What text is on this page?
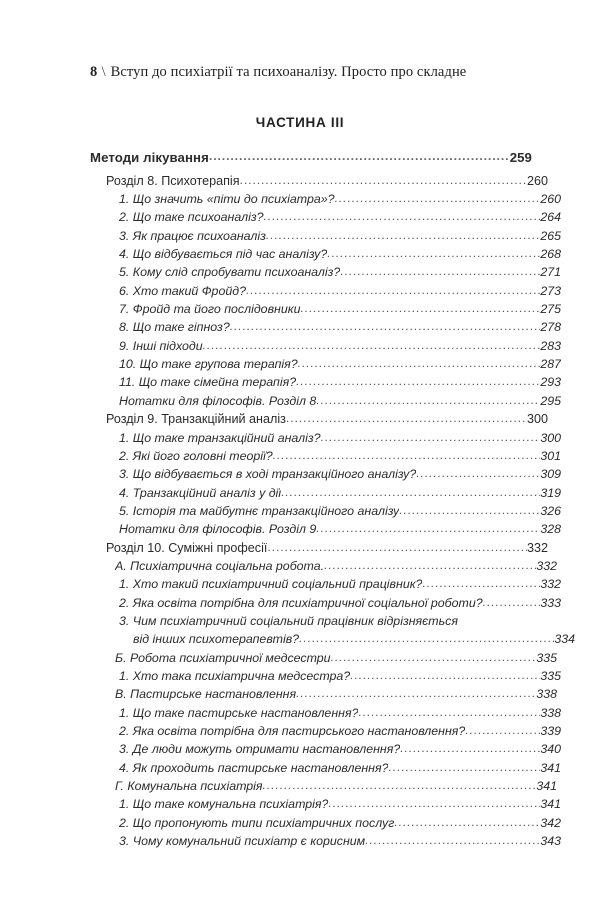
8 \ Вступ до психіатрії та психоаналізу. Просто про складне
ЧАСТИНА III
Методи лікування .....	259
Розділ 8. Психотерапія .....	260
1. Що значить «піти до психіатра»? .....	260
2. Що таке психоаналіз? .....	264
3. Як працює психоаналіз .....	265
4. Що відбувається під час аналізу? .....	268
5. Кому слід спробувати психоаналіз? .....	271
6. Хто такий Фройд? .....	273
7. Фройд та його послідовники .....	275
8. Що таке гіпноз? .....	278
9. Інші підходи .....	283
10. Що таке групова терапія? .....	287
11. Що таке сімейна терапія? .....	293
Нотатки для філософів. Розділ 8 .....	295
Розділ 9. Транзакційний аналіз .....	300
1. Що таке транзакційний аналіз? .....	300
2. Які його головні теорії? .....	301
3. Що відбувається в ході транзакційного аналізу? .....	309
4. Транзакційний аналіз у дії .....	319
5. Історія та майбутнє транзакційного аналізу .....	326
Нотатки для філософів. Розділ 9 .....	328
Розділ 10. Суміжні професії .....	332
А. Психіатрична соціальна робота. .....	332
1. Хто такий психіатричний соціальний працівник? .....	332
2. Яка освіта потрібна для психіатричної соціальної роботи? .....	333
3. Чим психіатричний соціальний працівник відрізняється
від інших психотерапевтів? .....	334
Б. Робота психіатричної медсестри .....	335
1. Хто така психіатрична медсестра? .....	335
В. Пастирське настановлення .....	338
1. Що таке пастирське настановлення? .....	338
2. Яка освіта потрібна для пастирського настановлення? .....	339
3. Де люди можуть отримати настановлення? .....	340
4. Як проходить пастирське настановлення? .....	341
Г. Комунальна психіатрія .....	341
1. Що таке комунальна психіатрія? .....	341
2. Що пропонують типи психіатричних послуг .....	342
3. Чому комунальний психіатр є корисним .....	343
